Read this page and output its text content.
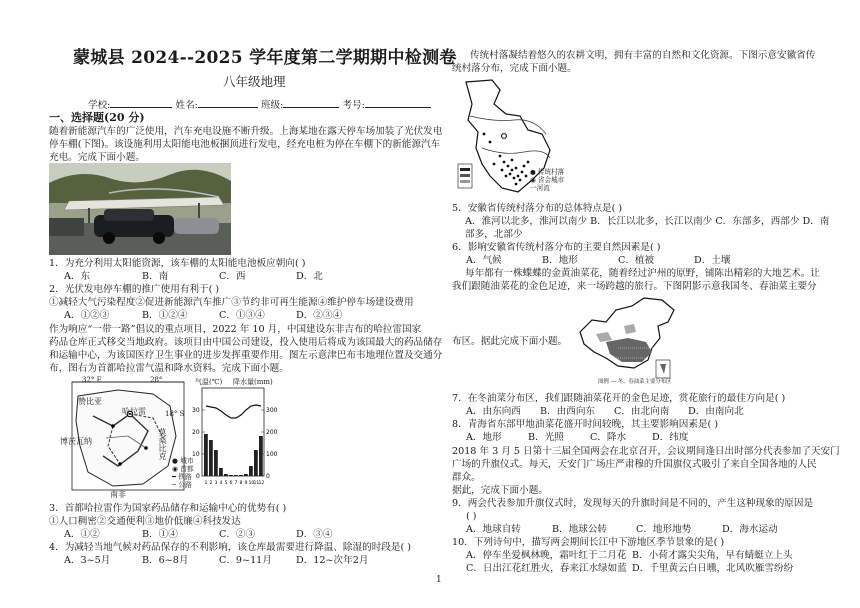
蒙城县 2024--2025 学年度第二学期期中检测卷
八年级地理
学校:	姓名:	班级:	考号:
一、选择题(20 分)
随着新能源汽车的广泛使用，汽车充电设施不断升级。上海某地在露天停车场加装了光伏发电
停车棚(下图)。该设施利用太阳能电池板捆顶进行发电，经充电桩为停在车棚下的新能源汽车
充电。完成下面小题。
1．为充分利用太阳能资源，该车棚的太阳能电池板应朝向( )
A．东	B．南	C．西	D．北
2．光伏发电停车棚的推广使用有利于( )
①减轻大气污染程度②促进新能源汽车推广③节约非可再生能源④维护停车场建设费用
A．①②③	B．①②④	C．①③④	D．②③④
作为响应“一带一路”倡议的重点项目，2022 年 10 月，中国建设东非吉布的哈拉雷国家
药品仓库正式移交当地政府。该项目由中国公司建设，投入使用后将成为该国最大的药品储存
和运输中心，为该国医疗卫生事业的进步发挥重要作用。图左示意津巴布韦地理位置及交通分
布，图右为首都哈拉雷气温和降水资料。完成下面小题。
32° E	28°
18° S
赞比亚
哈拉雷
莫桑比克
博茨瓦纳
南非
● 城市
◉ 首都
━ 铁路
╌ 公路
气温(℃) 降水量(mm)
30
20
10
0
300
200
100
0
1 2 3 4 5 6 7 8 9 10 11 12
3．首都哈拉雷作为国家药品储存和运输中心的优势有( )
①人口稠密②交通便利③地价低廉④科技发达
A．①②	B．①④	C．②③	D．③④
4．为减轻当地气候对药品保存的不利影响，该仓库最需要进行降温、除湿的时段是( )
A．3~5月	B．6~8月	C．9~11月	D．12~次年2月
传统村落凝结着悠久的农耕文明，拥有丰富的自然和文化资源。下图示意安徽省传
统村落分布，完成下面小题。
● 传统村落
◉ 省会城市
一河流
5．安徽省传统村落分布的总体特点是( )
A．淮河以北多，淮河以南少 B．长江以北多，长江以南少 C．东部多，西部少 D．南
部多，北部少
6．影响安徽省传统村落分布的主要自然因素是( )
A．气候	B．地形	C．植被	D．土壤
每年都有一株蝶蝶的金黄油菜花，随着经过沪州的原野，铺陈出精彩的大地艺术。让
我们跟随油菜花的金色足迹，来一场跨越的旅行。下图阴影示意我国冬、春油菜主要分
图例 — 冬、春油菜主要分布区
布区。据此完成下面小题。
7．在冬油菜分布区，我们跟随油菜花开的金色足迹，赏花旅行的最佳方向是( )
A．由东向西 B．由西向东 C．由北向南 D．由南向北
8．青海省东部甲地油菜花盛开时间较晚，其主要影响因素是( )
A．地形	B．光照	C．降水	D．纬度
2018 年 3 月 5 日第十三届全国两会在北京召开，会议期间逢日出时部分代表参加了天安门
广场的升旗仪式。每天，天安门广场庄严肃穆的升国旗仪式吸引了来自全国各地的人民
群众。
据此，完成下面小题。
9．两会代表参加升旗仪式时，发现每天的升旗时间是不同的，产生这种现象的原因是
( )
A．地球自转	B．地球公转	C．地形地势	D．海水运动
10．下列诗句中，描写两会期间长江中下游地区季节景象的是( )
A．停车坐爱枫林晚，霜叶红于二月花 B．小荷才露尖尖角，早有蜻蜓立上头
C．日出江花红胜火，春来江水绿如蓝 D．千里黄云白日曛，北风吹雁雪纷纷
1
